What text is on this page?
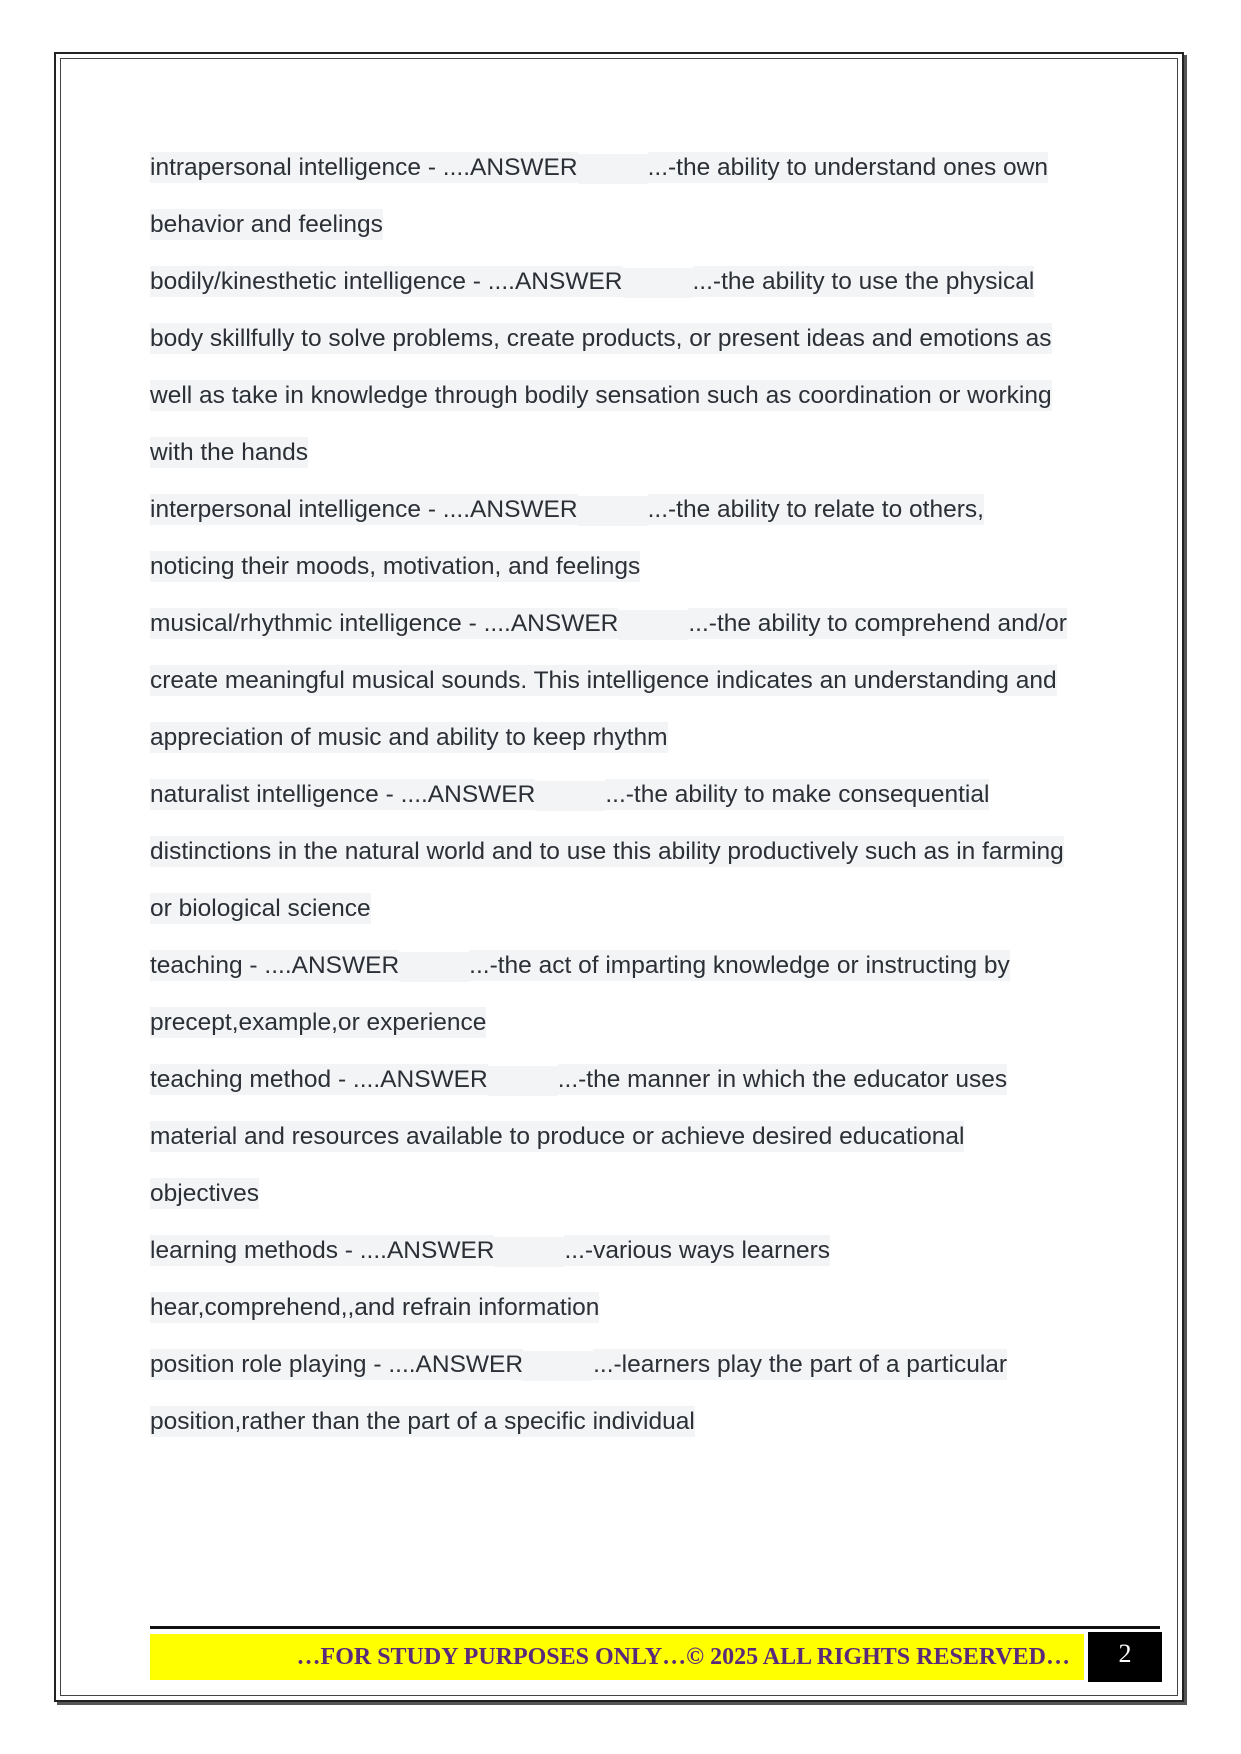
intrapersonal intelligence - ....ANSWER	...-the ability to understand ones own
behavior and feelings
bodily/kinesthetic intelligence - ....ANSWER	...-the ability to use the physical
body skillfully to solve problems, create products, or present ideas and emotions as
well as take in knowledge through bodily sensation such as coordination or working
with the hands
interpersonal intelligence - ....ANSWER	...-the ability to relate to others,
noticing their moods, motivation, and feelings
musical/rhythmic intelligence - ....ANSWER	...-the ability to comprehend and/or
create meaningful musical sounds. This intelligence indicates an understanding and
appreciation of music and ability to keep rhythm
naturalist intelligence - ....ANSWER	...-the ability to make consequential
distinctions in the natural world and to use this ability productively such as in farming
or biological science
teaching - ....ANSWER	...-the act of imparting knowledge or instructing by
precept,example,or experience
teaching method - ....ANSWER	...-the manner in which the educator uses
material and resources available to produce or achieve desired educational
objectives
learning methods - ....ANSWER	...-various ways learners
hear,comprehend,,and refrain information
position role playing - ....ANSWER	...-learners play the part of a particular
position,rather than the part of a specific individual
…FOR STUDY PURPOSES ONLY…© 2025 ALL RIGHTS RESERVED…	2
